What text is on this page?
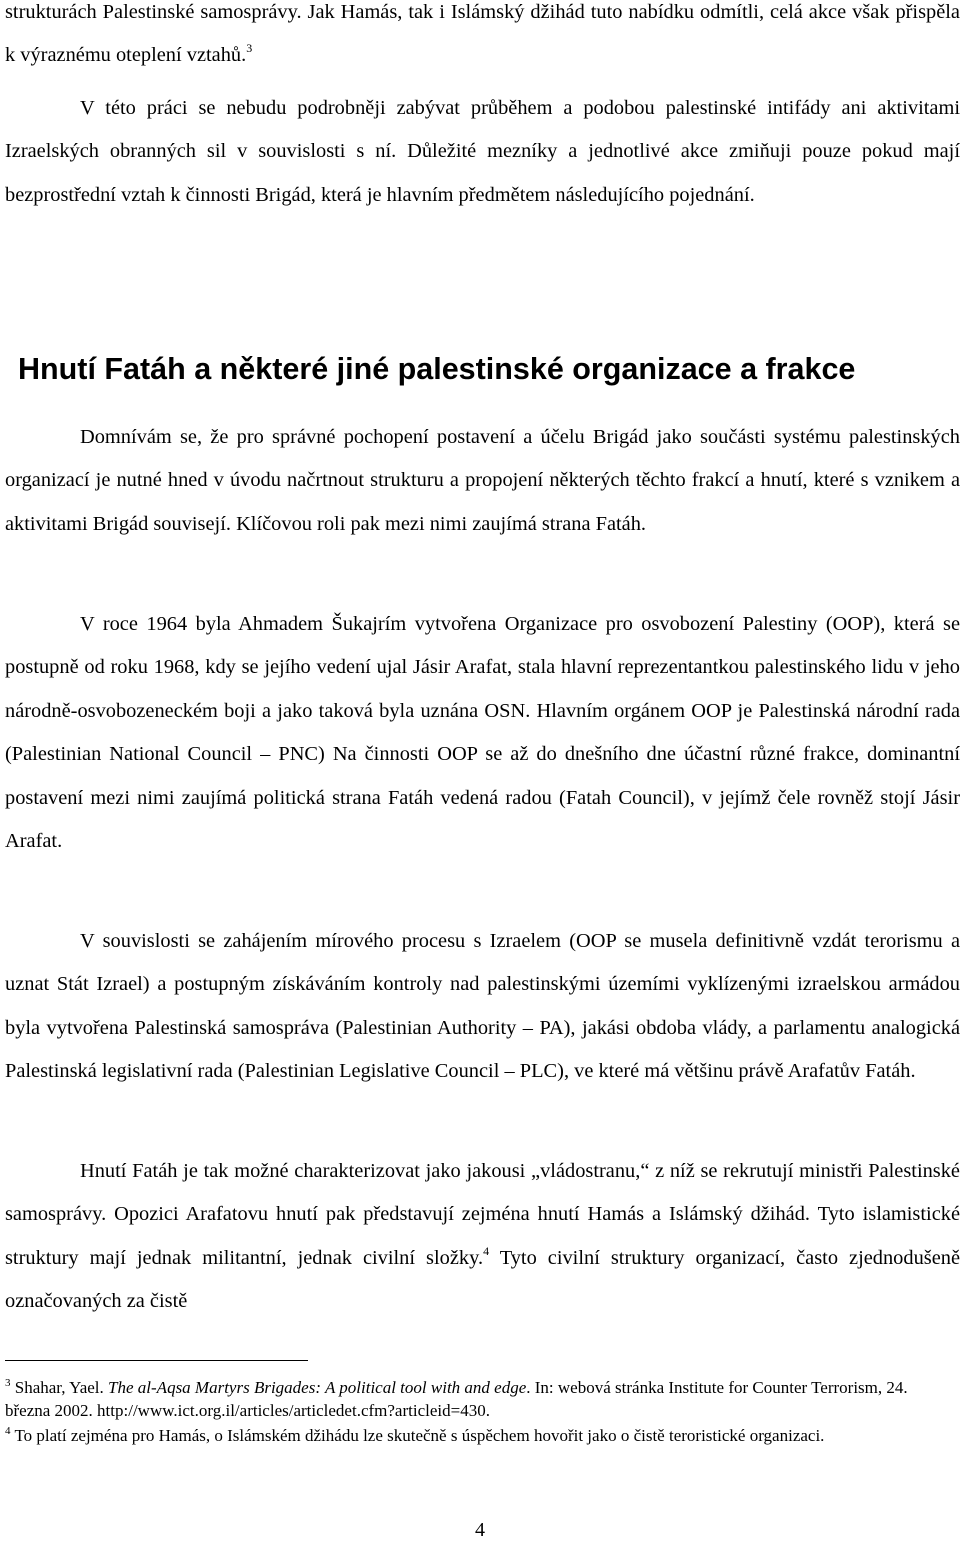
strukturách Palestinské samosprávy. Jak Hamás, tak i Islámský džihád tuto nabídku odmítli, celá akce však přispěla k výraznému oteplení vztahů.$^3$

V této práci se nebudu podrobněji zabývat průběhem a podobou palestinské intifády ani aktivitami Izraelských obranných sil v souvislosti s ní. Důležité mezníky a jednotlivé akce zmiňuji pouze pokud mají bezprostřední vztah k činnosti Brigád, která je hlavním předmětem následujícího pojednání.

Hnutí Fatáh a některé jiné palestinské organizace a frakce

Domnívám se, že pro správné pochopení postavení a účelu Brigád jako součásti systému palestinských organizací je nutné hned v úvodu načrtnout strukturu a propojení některých těchto frakcí a hnutí, které s vznikem a aktivitami Brigád souvisejí. Klíčovou roli pak mezi nimi zaujímá strana Fatáh.

V roce 1964 byla Ahmadem Šukajrím vytvořena Organizace pro osvobození Palestiny (OOP), která se postupně od roku 1968, kdy se jejího vedení ujal Jásir Arafat, stala hlavní reprezentantkou palestinského lidu v jeho národně-osvobozeneckém boji a jako taková byla uznána OSN. Hlavním orgánem OOP je Palestinská národní rada (Palestinian National Council – PNC) Na činnosti OOP se až do dnešního dne účastní různé frakce, dominantní postavení mezi nimi zaujímá politická strana Fatáh vedená radou (Fatah Council), v jejímž čele rovněž stojí Jásir Arafat.

V souvislosti se zahájením mírového procesu s Izraelem (OOP se musela definitivně vzdát terorismu a uznat Stát Izrael) a postupným získáváním kontroly nad palestinskými územími vyklízenými izraelskou armádou byla vytvořena Palestinská samospráva (Palestinian Authority – PA), jakási obdoba vlády, a parlamentu analogická Palestinská legislativní rada (Palestinian Legislative Council – PLC), ve které má většinu právě Arafatův Fatáh.

Hnutí Fatáh je tak možné charakterizovat jako jakousi „vládostranu,“ z níž se rekrutují ministři Palestinské samosprávy. Opozici Arafatovu hnutí pak představují zejména hnutí Hamás a Islámský džihád. Tyto islamistické struktury mají jednak militantní, jednak civilní složky.$^4$ Tyto civilní struktury organizací, často zjednodušeně označovaných za čistě

$^3$ Shahar, Yael. The al-Aqsa Martyrs Brigades: A political tool with and edge. In: webová stránka Institute for Counter Terrorism, 24. března 2002. http://www.ict.org.il/articles/articledet.cfm?articleid=430.

$^4$ To platí zejména pro Hamás, o Islámském džihádu lze skutečně s úspěchem hovořit jako o čistě teroristické organizaci.

4
